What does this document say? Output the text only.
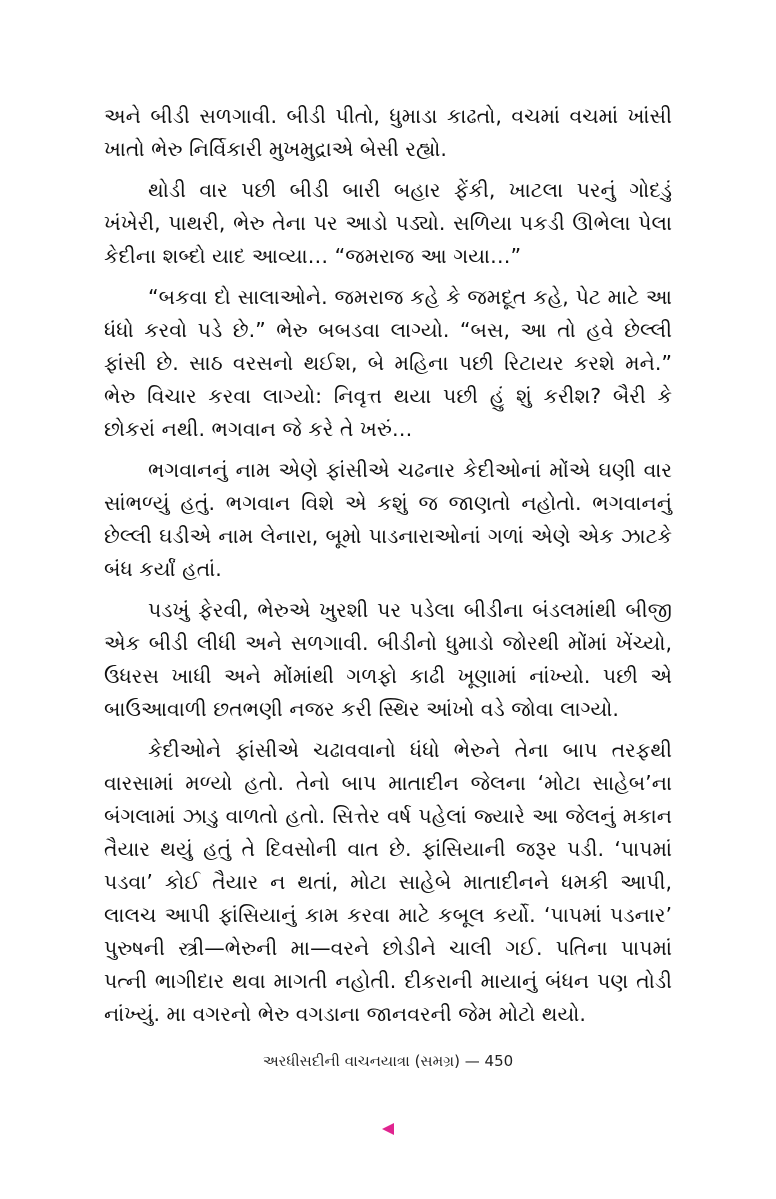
અને બીડી સળગાવી. બીડી પીતો, ધુમાડા કાઢતો, વચમાં વચમાં ખાંસી ખાતો ભેરુ નિર્વિકારી મુખમુદ્રાએ બેસી રહ્યો.

થોડી વાર પછી બીડી બારી બહાર ફેંકી, ખાટલા પરનું ગોદડું ખંખેરી, પાથરી, ભેરુ તેના પર આડો પડ્યો. સળિયા પકડી ઊભેલા પેલા કેદીના શબ્દો યાદ આવ્યા… “જમરાજ આ ગયા…”

“બકવા દો સાલાઓને. જમરાજ કહે કે જમદૂત કહે, પેટ માટે આ ધંધો કરવો પડે છે.” ભેરુ બબડવા લાગ્યો. “બસ, આ તો હવે છેલ્લી ફાંસી છે. સાઠ વરસનો થઈશ, બે મહિના પછી રિટાયર કરશે મને.” ભેરુ વિચાર કરવા લાગ્યો: નિવૃત્ત થયા પછી હું શું કરીશ? બૈરી કે છોકરાં નથી. ભગવાન જે કરે તે ખરું…

ભગવાનનું નામ એણે ફાંસીએ ચઢનાર કેદીઓનાં મોંએ ઘણી વાર સાંભળ્યું હતું. ભગવાન વિશે એ કશું જ જાણતો નહોતો. ભગવાનનું છેલ્લી ઘડીએ નામ લેનારા, બૂમો પાડનારાઓનાં ગળાં એણે એક ઝાટકે બંધ કર્યાં હતાં.

પડખું ફેરવી, ભેરુએ ખુરશી પર પડેલા બીડીના બંડલમાંથી બીજી એક બીડી લીધી અને સળગાવી. બીડીનો ધુમાડો જોરથી મોંમાં ખેંચ્યો, ઉધરસ ખાધી અને મોંમાંથી ગળફો કાઢી ખૂણામાં નાંખ્યો. પછી એ બાઉઆવાળી છતભણી નજર કરી સ્થિર આંખો વડે જોવા લાગ્યો.

કેદીઓને ફાંસીએ ચઢાવવાનો ધંધો ભેરુને તેના બાપ તરફથી વારસામાં મળ્યો હતો. તેનો બાપ માતાદીન જેલના ‘મોટા સાહેબ’ના બંગલામાં ઝાડુ વાળતો હતો. સિત્તેર વર્ષ પહેલાં જ્યારે આ જેલનું મકાન તૈયાર થયું હતું તે દિવસોની વાત છે. ફાંસિયાની જરૂર પડી. ‘પાપમાં પડવા’ કોઈ તૈયાર ન થતાં, મોટા સાહેબે માતાદીનને ધમકી આપી, લાલચ આપી ફાંસિયાનું કામ કરવા માટે કબૂલ કર્યો. ‘પાપમાં પડનાર’ પુરુષની સ્ત્રી—ભેરુની મા—વરને છોડીને ચાલી ગઈ. પતિના પાપમાં પત્ની ભાગીદાર થવા માગતી નહોતી. દીકરાની માયાનું બંધન પણ તોડી નાંખ્યું. મા વગરનો ભેરુ વગડાના જાનવરની જેમ મોટો થયો.

અરધીસદીની વાચનયાત્રા (સમગ્ર) — 450
